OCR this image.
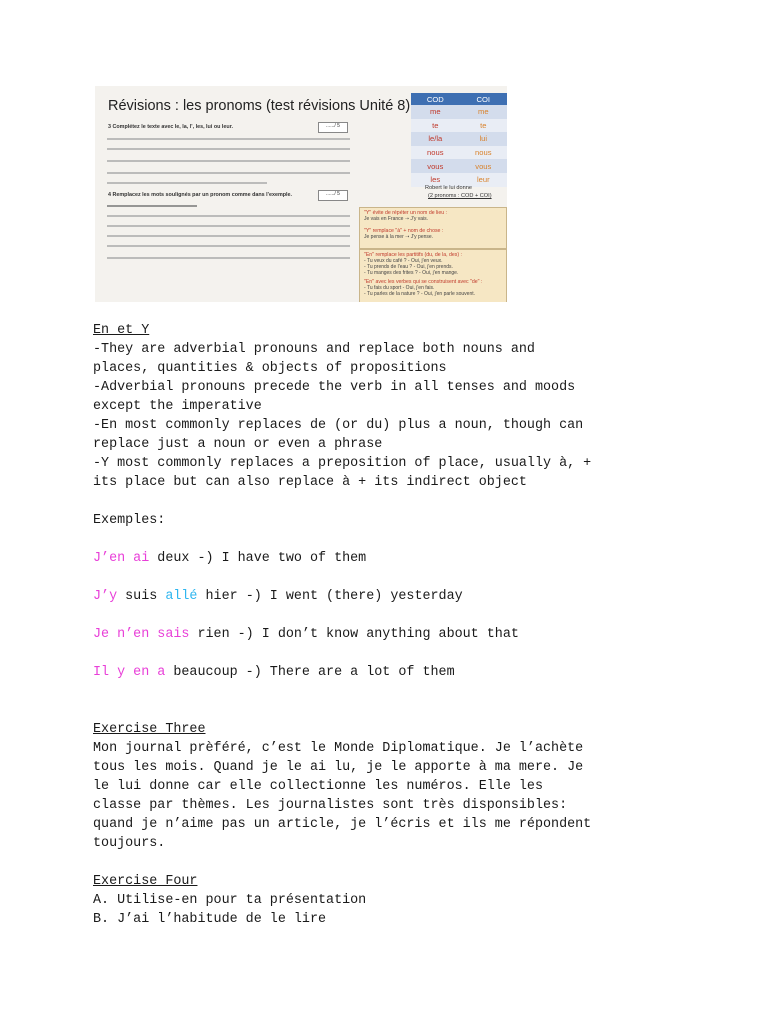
Révisions : les pronoms (test révisions Unité 8)
3 Complétez le texte avec le, la, l', les, lui ou leur.	....../ 5
4 Remplacez les mots soulignés par un pronom comme dans l'exemple.	....../ 5
COD	COI
me	me
te	te
le/la	lui
nous	nous
vous	vous
les	leur
Robert le lui donne
(2 pronoms : COD + COI)
"Y" évite de répéter un nom de lieu :
Je vais en France ➝ J'y vais.
"Y" remplace "à" + nom de chose :
Je pense à la mer ➝ J'y pense.
"En" remplace les partitifs (du, de la, des) :
- Tu veux du café ? - Oui, j'en veux.
- Tu prends de l'eau ? - Oui, j'en prends.
- Tu manges des frites ? - Oui, j'en mange.
"En" avec les verbes qui se construisent avec "de" :
- Tu fais du sport - Oui, j'en fais.
- Tu parles de la nature ? - Oui, j'en parle souvent.
En et Y
-They are adverbial pronouns and replace both nouns and
places, quantities & objects of propositions
-Adverbial pronouns precede the verb in all tenses and moods
except the imperative
-En most commonly replaces de (or du) plus a noun, though can
replace just a noun or even a phrase
-Y most commonly replaces a preposition of place, usually à, +
its place but can also replace à + its indirect object
Exemples:
J’en ai deux -) I have two of them
J’y suis allé hier -) I went (there) yesterday
Je n’en sais rien -) I don’t know anything about that
Il y en a beaucoup -) There are a lot of them
Exercise Three
Mon journal prèféré, c’est le Monde Diplomatique. Je l’achète
tous les mois. Quand je le ai lu, je le apporte à ma mere. Je
le lui donne car elle collectionne les numéros. Elle les
classe par thèmes. Les journalistes sont très disponsibles:
quand je n’aime pas un article, je l’écris et ils me répondent
toujours.
Exercise Four
A. Utilise-en pour ta présentation
B. J’ai l’habitude de le lire
